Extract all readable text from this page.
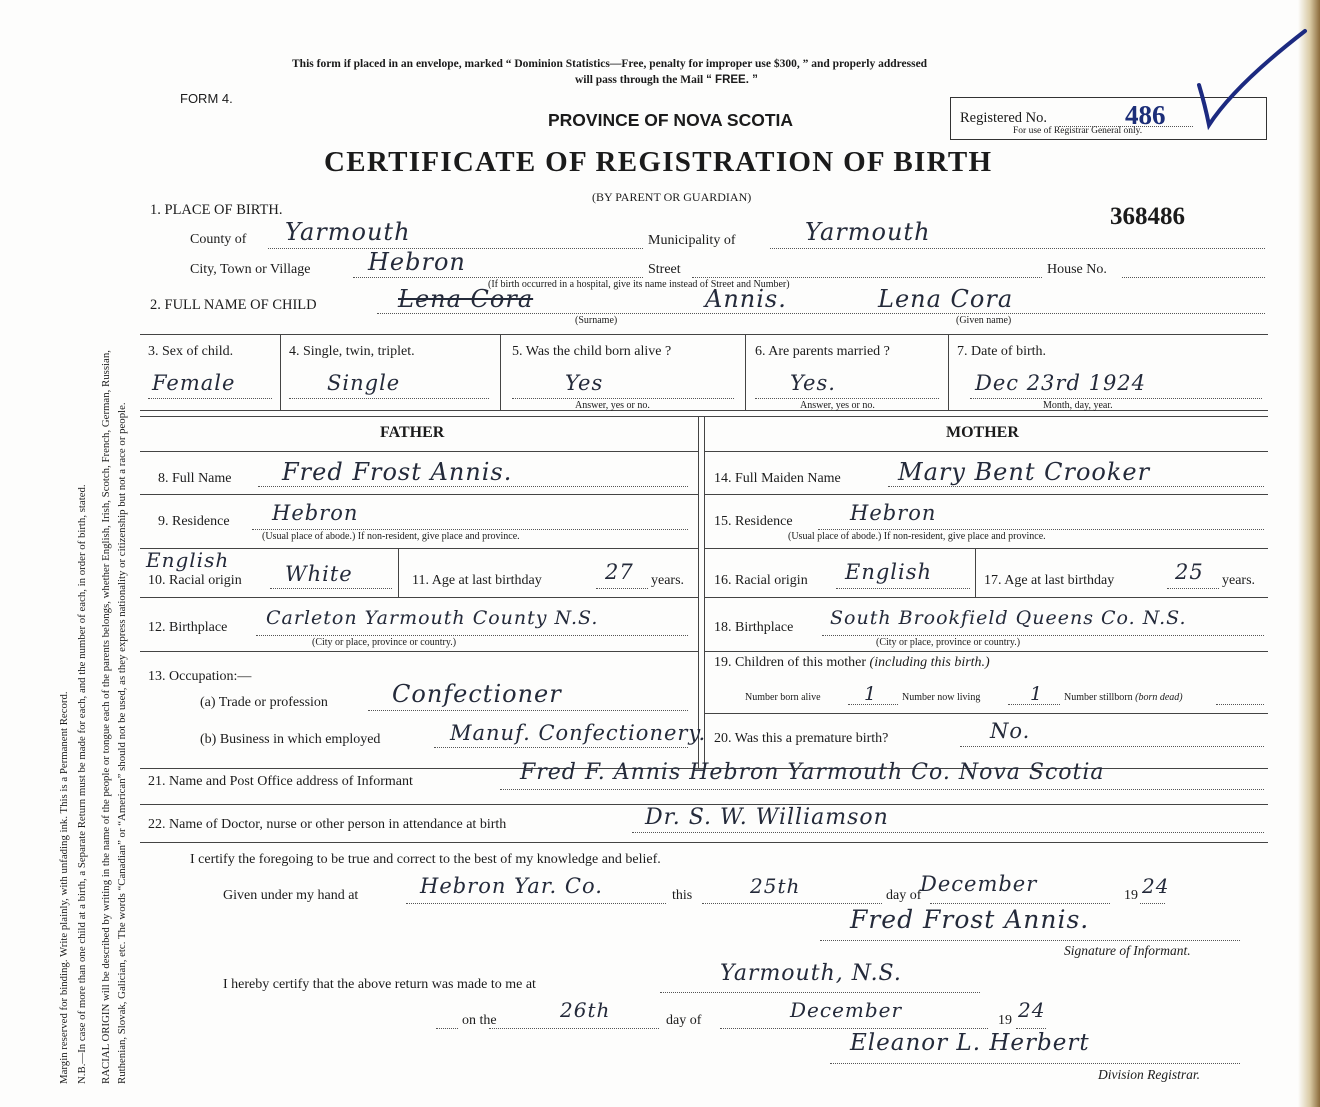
Margin reserved for binding. Write plainly, with unfading ink. This is a Permanent Record. N.B.—In case of more than one child at a birth, a Separate Return must be made for each, and the number of each, in order of birth, stated. RACIAL ORIGIN will be described by writing in the name of the people or tongue each of the parents belongs, whether English, Irish, Scotch, French, German, Russian, Ruthenian, Slovak, Galician, etc. The words “Canadian” or “American” should not be used, as they express nationality or citizenship but not a race or people.
This form if placed in an envelope, marked “ Dominion Statistics—Free, penalty for improper use $300, ” and properly addressed
will pass through the Mail “ FREE. ”
FORM 4.
PROVINCE OF NOVA SCOTIA
CERTIFICATE OF REGISTRATION OF BIRTH
(BY PARENT OR GUARDIAN)
Registered No.	486
For use of Registrar General only.
368486
1. PLACE OF BIRTH.
County of Yarmouth	Municipality of	Yarmouth
City, Town or Village Hebron	Street
(If birth occurred in a hospital, give its name instead of Street and Number)
House No.
2. FULL NAME OF CHILD	Lena Cora	Annis.	Lena Cora
(Surname)	(Given name)
3. Sex of child.
Female
4. Single, twin, triplet.
Single
5. Was the child born alive ?
Yes
Answer, yes or no.
6. Are parents married ?
Yes.
Answer, yes or no.
7. Date of birth.
Dec 23rd 1924
Month, day, year.
FATHER	MOTHER
8. Full Name Fred Frost Annis.	14. Full Maiden Name Mary Bent Crooker
9. Residence Hebron
(Usual place of abode.) If non-resident, give place and province.
15. Residence	Hebron
(Usual place of abode.) If non-resident, give place and province.
English
10. Racial origin White	11. Age at last birthday	27 years. 16. Racial origin English	17. Age at last birthday	25 years.
12. Birthplace Carleton Yarmouth County N.S.
(City or place, province or country.)
18. Birthplace South Brookfield Queens Co. N.S.
(City or place, province or country.)
13. Occupation:—
(a) Trade or profession	Confectioner
(b) Business in which employed	Manuf. Confectionery.
19. Children of this mother (including this birth.)
Number born alive 1 Number now living	1 Number stillborn (born dead)
20. Was this a premature birth?	No.
21. Name and Post Office address of Informant	Fred F. Annis Hebron Yarmouth Co. Nova Scotia
22. Name of Doctor, nurse or other person in attendance at birth	Dr. S. W. Williamson
I certify the foregoing to be true and correct to the best of my knowledge and belief.
Given under my hand at	Hebron Yar. Co.	this	25th	day of
December	19 24
Fred Frost Annis.
Signature of Informant.
I hereby certify that the above return was made to me at	Yarmouth, N.S.
on the	26th	day of	December	19 24
Eleanor L. Herbert
Division Registrar.
